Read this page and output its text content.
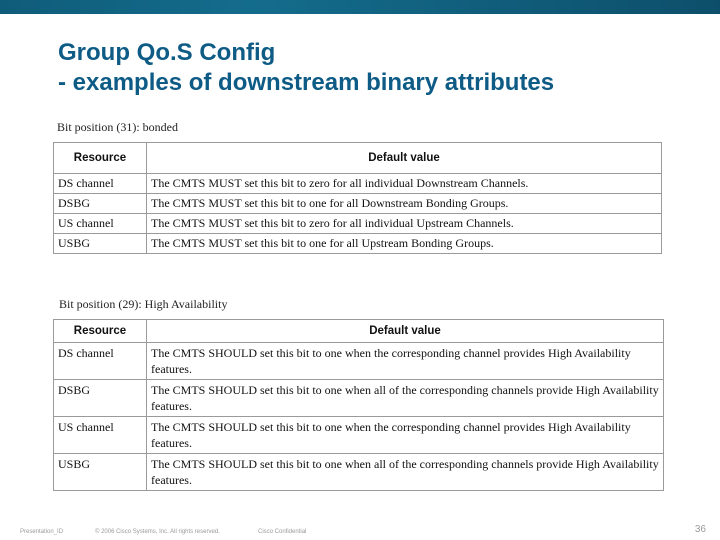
Group Qo.S Config
- examples of downstream binary attributes
Bit position (31): bonded
Resource	Default value
DS channel	The CMTS MUST set this bit to zero for all individual Downstream Channels.
DSBG	The CMTS MUST set this bit to one for all Downstream Bonding Groups.
US channel	The CMTS MUST set this bit to zero for all individual Upstream Channels.
USBG	The CMTS MUST set this bit to one for all Upstream Bonding Groups.
Bit position (29): High Availability
Resource	Default value
DS channel	The CMTS SHOULD set this bit to one when the corresponding channel provides High Availability features.
DSBG	The CMTS SHOULD set this bit to one when all of the corresponding channels provide High Availability features.
US channel	The CMTS SHOULD set this bit to one when the corresponding channel provides High Availability features.
USBG	The CMTS SHOULD set this bit to one when all of the corresponding channels provide High Availability features.
Presentation_ID	© 2006 Cisco Systems, Inc. All rights reserved.	Cisco Confidential	36
